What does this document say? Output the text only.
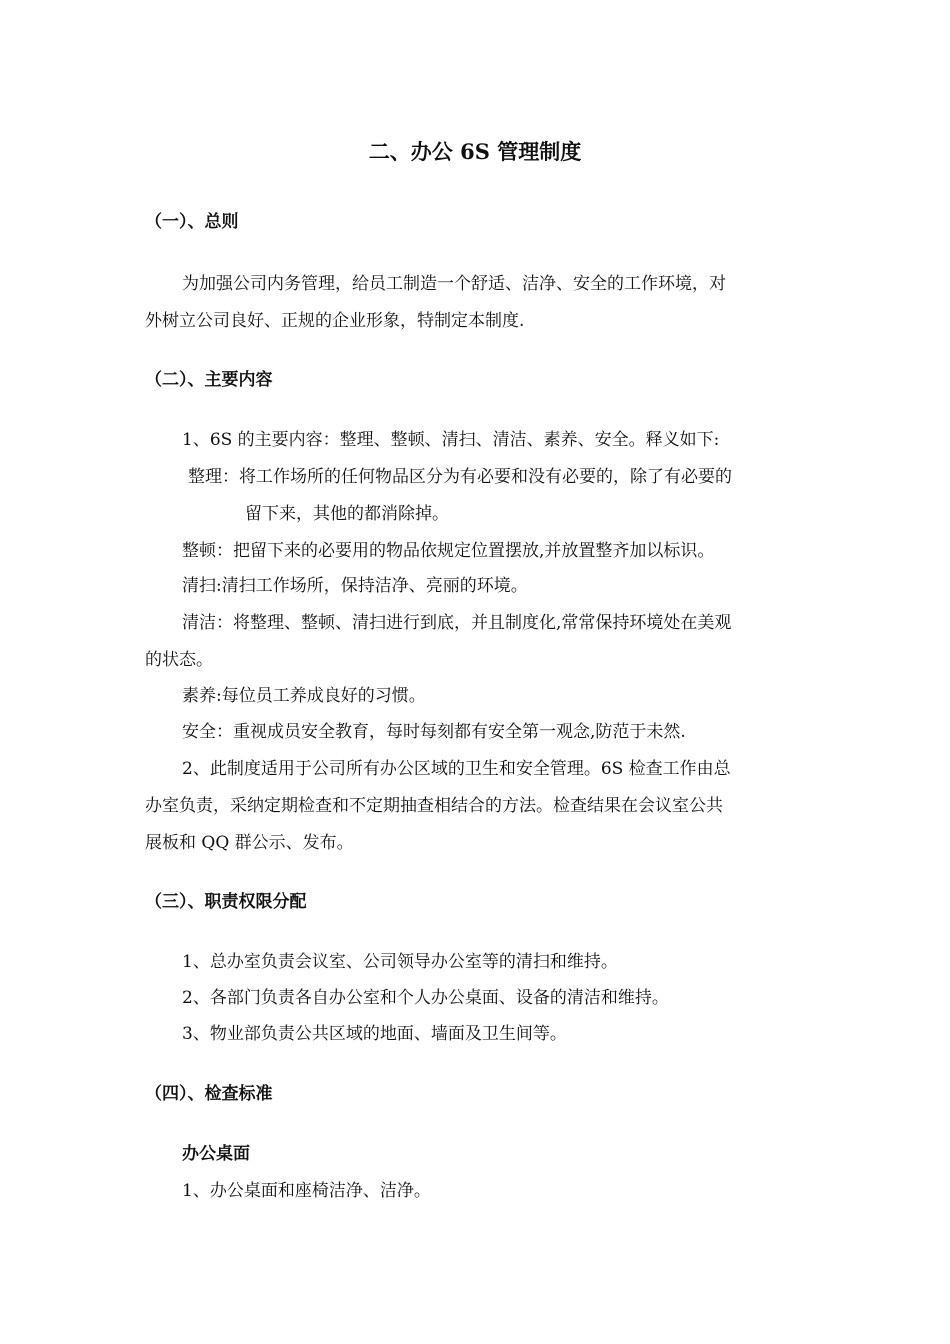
二、办公 6S 管理制度
（一）、总则
为加强公司内务管理，给员工制造一个舒适、洁净、安全的工作环境，对
外树立公司良好、正规的企业形象，特制定本制度.
（二）、主要内容
1、6S 的主要内容：整理、整顿、清扫、清洁、素养、安全。释义如下:
整理：将工作场所的任何物品区分为有必要和没有必要的，除了有必要的
留下来，其他的都消除掉。
整顿：把留下来的必要用的物品依规定位置摆放,并放置整齐加以标识。
清扫:清扫工作场所，保持洁净、亮丽的环境。
清洁：将整理、整顿、清扫进行到底，并且制度化,常常保持环境处在美观
的状态。
素养:每位员工养成良好的习惯。
安全：重视成员安全教育，每时每刻都有安全第一观念,防范于未然.
2、此制度适用于公司所有办公区域的卫生和安全管理。6S 检查工作由总
办室负责，采纳定期检查和不定期抽查相结合的方法。检查结果在会议室公共
展板和 QQ 群公示、发布。
（三）、职责权限分配
1、总办室负责会议室、公司领导办公室等的清扫和维持。
2、各部门负责各自办公室和个人办公桌面、设备的清洁和维持。
3、物业部负责公共区域的地面、墙面及卫生间等。
（四）、检查标准
办公桌面
1、办公桌面和座椅洁净、洁净。
